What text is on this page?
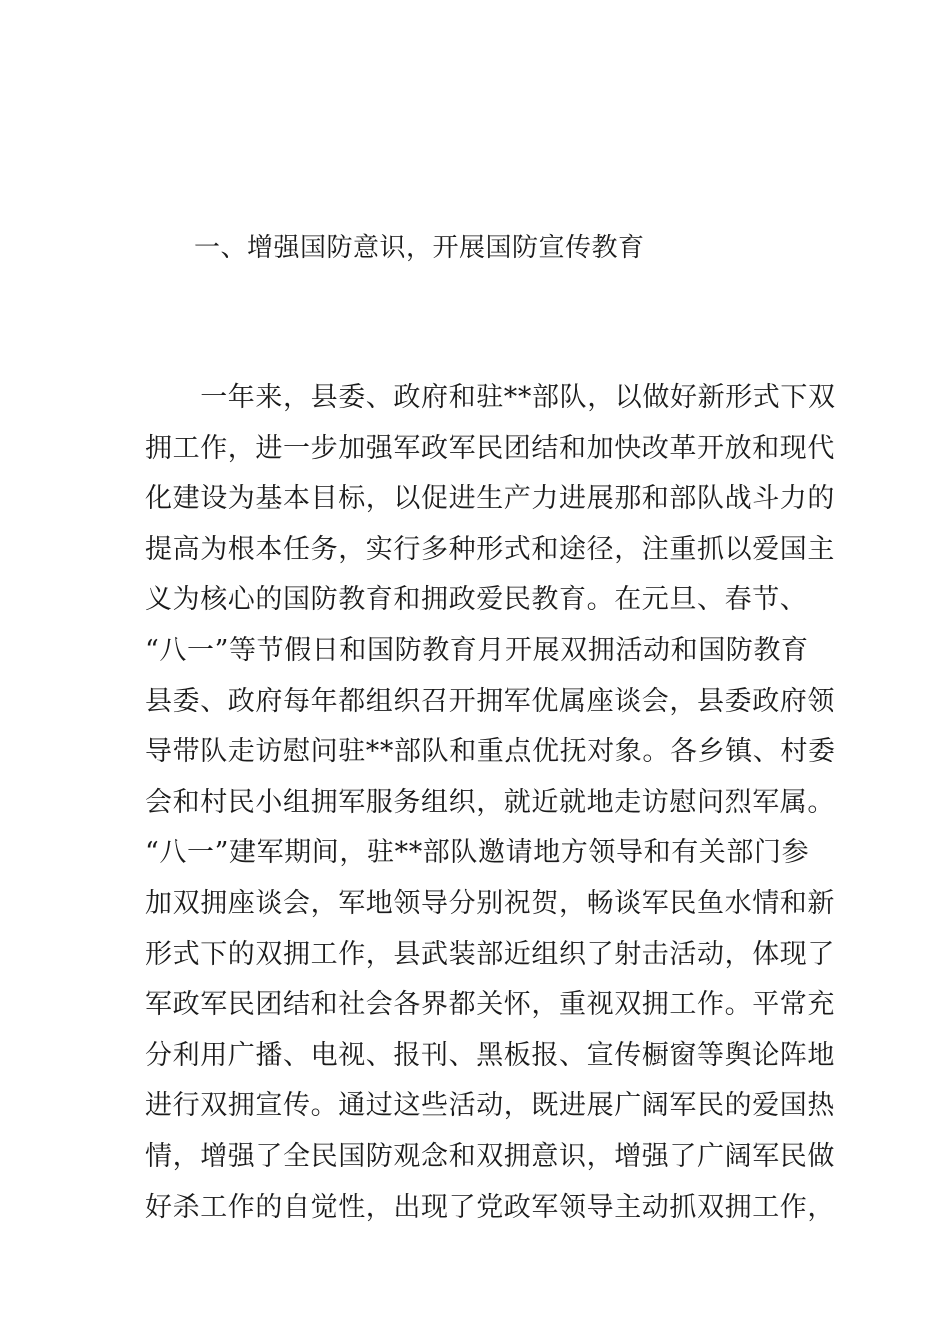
一、增强国防意识，开展国防宣传教育
　　一年来，县委、政府和驻**部队，以做好新形式下双
拥工作，进一步加强军政军民团结和加快改革开放和现代
化建设为基本目标，以促进生产力进展那和部队战斗力的
提高为根本任务，实行多种形式和途径，注重抓以爱国主
义为核心的国防教育和拥政爱民教育。在元旦、春节、
“八一”等节假日和国防教育月开展双拥活动和国防教育
县委、政府每年都组织召开拥军优属座谈会，县委政府领
导带队走访慰问驻**部队和重点优抚对象。各乡镇、村委
会和村民小组拥军服务组织，就近就地走访慰问烈军属。
“八一”建军期间，驻**部队邀请地方领导和有关部门参
加双拥座谈会，军地领导分别祝贺，畅谈军民鱼水情和新
形式下的双拥工作，县武装部近组织了射击活动，体现了
军政军民团结和社会各界都关怀，重视双拥工作。平常充
分利用广播、电视、报刊、黑板报、宣传橱窗等舆论阵地
进行双拥宣传。通过这些活动，既进展广阔军民的爱国热
情，增强了全民国防观念和双拥意识，增强了广阔军民做
好杀工作的自觉性，出现了党政军领导主动抓双拥工作，
